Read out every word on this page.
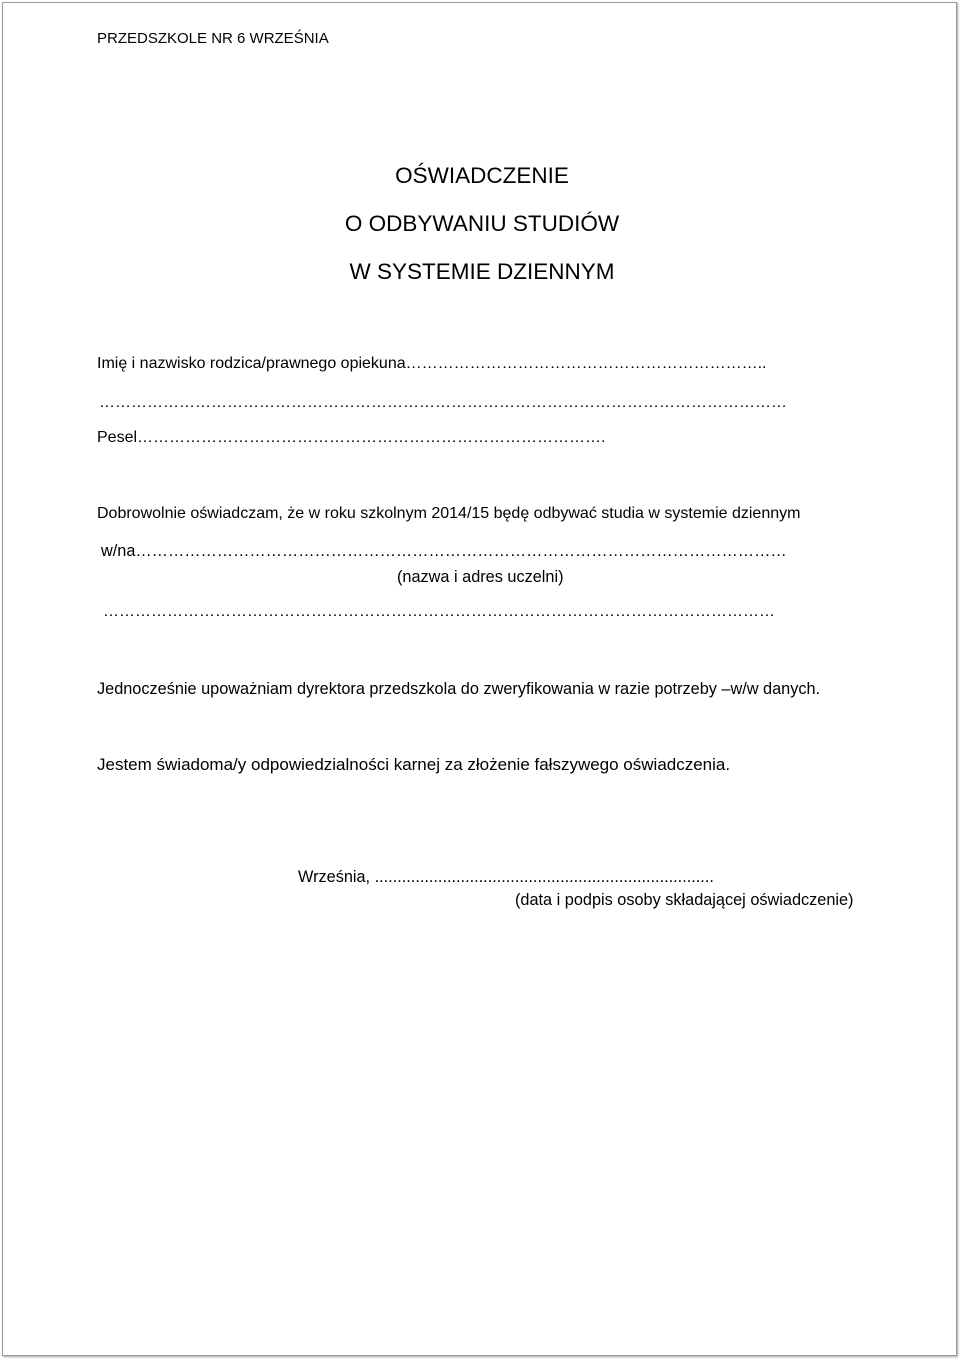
PRZEDSZKOLE NR 6 WRZEŚNIA
OŚWIADCZENIE
O ODBYWANIU STUDIÓW
W SYSTEMIE DZIENNYM
Imię i nazwisko rodzica/prawnego opiekuna…………………………………………………………..
…………………………………………………………………………………………………………………
Pesel…………………………………………………………………………….
Dobrowolnie oświadczam, że w roku szkolnym 2014/15 będę odbywać studia w systemie dziennym
w/na…………………………………………………………………………………………………………
(nazwa i adres uczelni)
………………………………………………………………………………………………………………
Jednocześnie upoważniam dyrektora przedszkola do zweryfikowania w razie potrzeby –w/w danych.
Jestem świadoma/y odpowiedzialności karnej za złożenie fałszywego oświadczenia.
Września, ...........................................................................
(data i podpis osoby składającej oświadczenie)
